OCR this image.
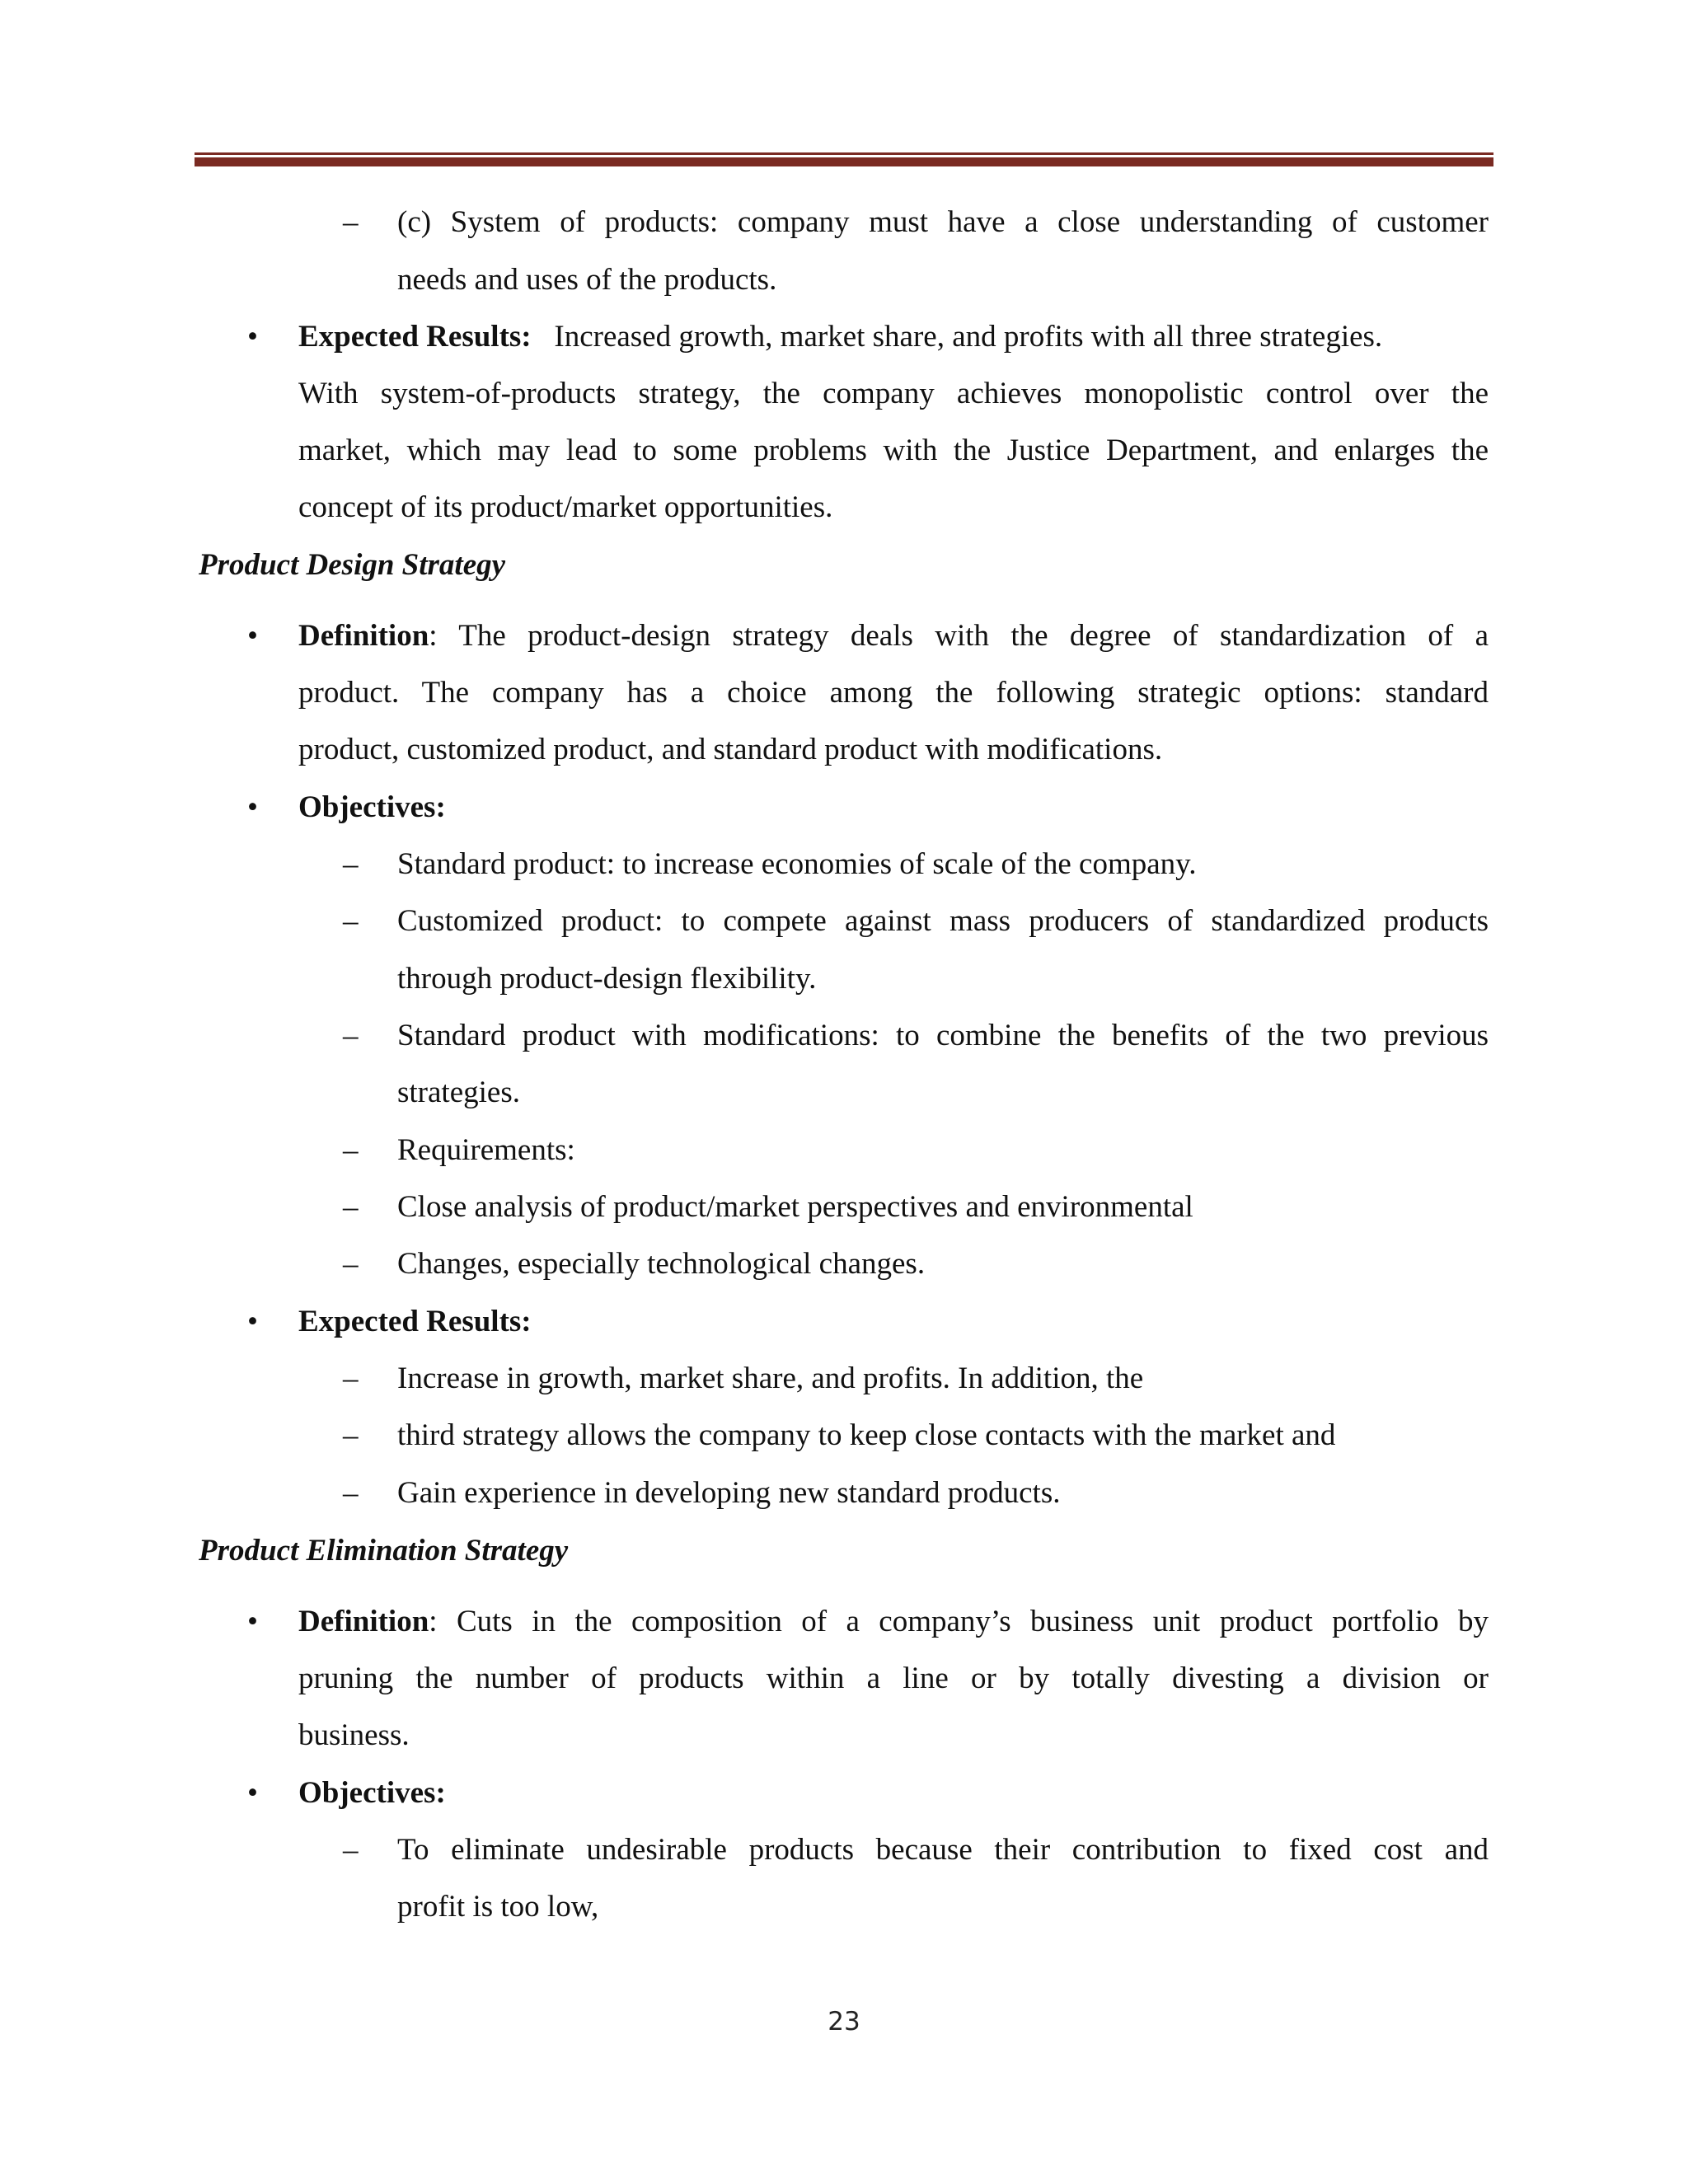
–	(c) System of products: company must have a close understanding of customer
needs and uses of the products.
• Expected Results: Increased growth, market share, and profits with all three strategies.
With system-of-products strategy, the company achieves monopolistic control over the
market, which may lead to some problems with the Justice Department, and enlarges the
concept of its product/market opportunities.
Product Design Strategy
• Definition: The product-design strategy deals with the degree of standardization of a
product. The company has a choice among the following strategic options: standard
product, customized product, and standard product with modifications.
• Objectives:
–	Standard product: to increase economies of scale of the company.
–	Customized product: to compete against mass producers of standardized products
through product-design flexibility.
–	Standard product with modifications: to combine the benefits of the two previous
strategies.
–	Requirements:
–	Close analysis of product/market perspectives and environmental
–	Changes, especially technological changes.
• Expected Results:
–	Increase in growth, market share, and profits. In addition, the
–	third strategy allows the company to keep close contacts with the market and
–	Gain experience in developing new standard products.
Product Elimination Strategy
• Definition: Cuts in the composition of a company’s business unit product portfolio by
pruning the number of products within a line or by totally divesting a division or
business.
• Objectives:
–	To eliminate undesirable products because their contribution to fixed cost and
profit is too low,
23
